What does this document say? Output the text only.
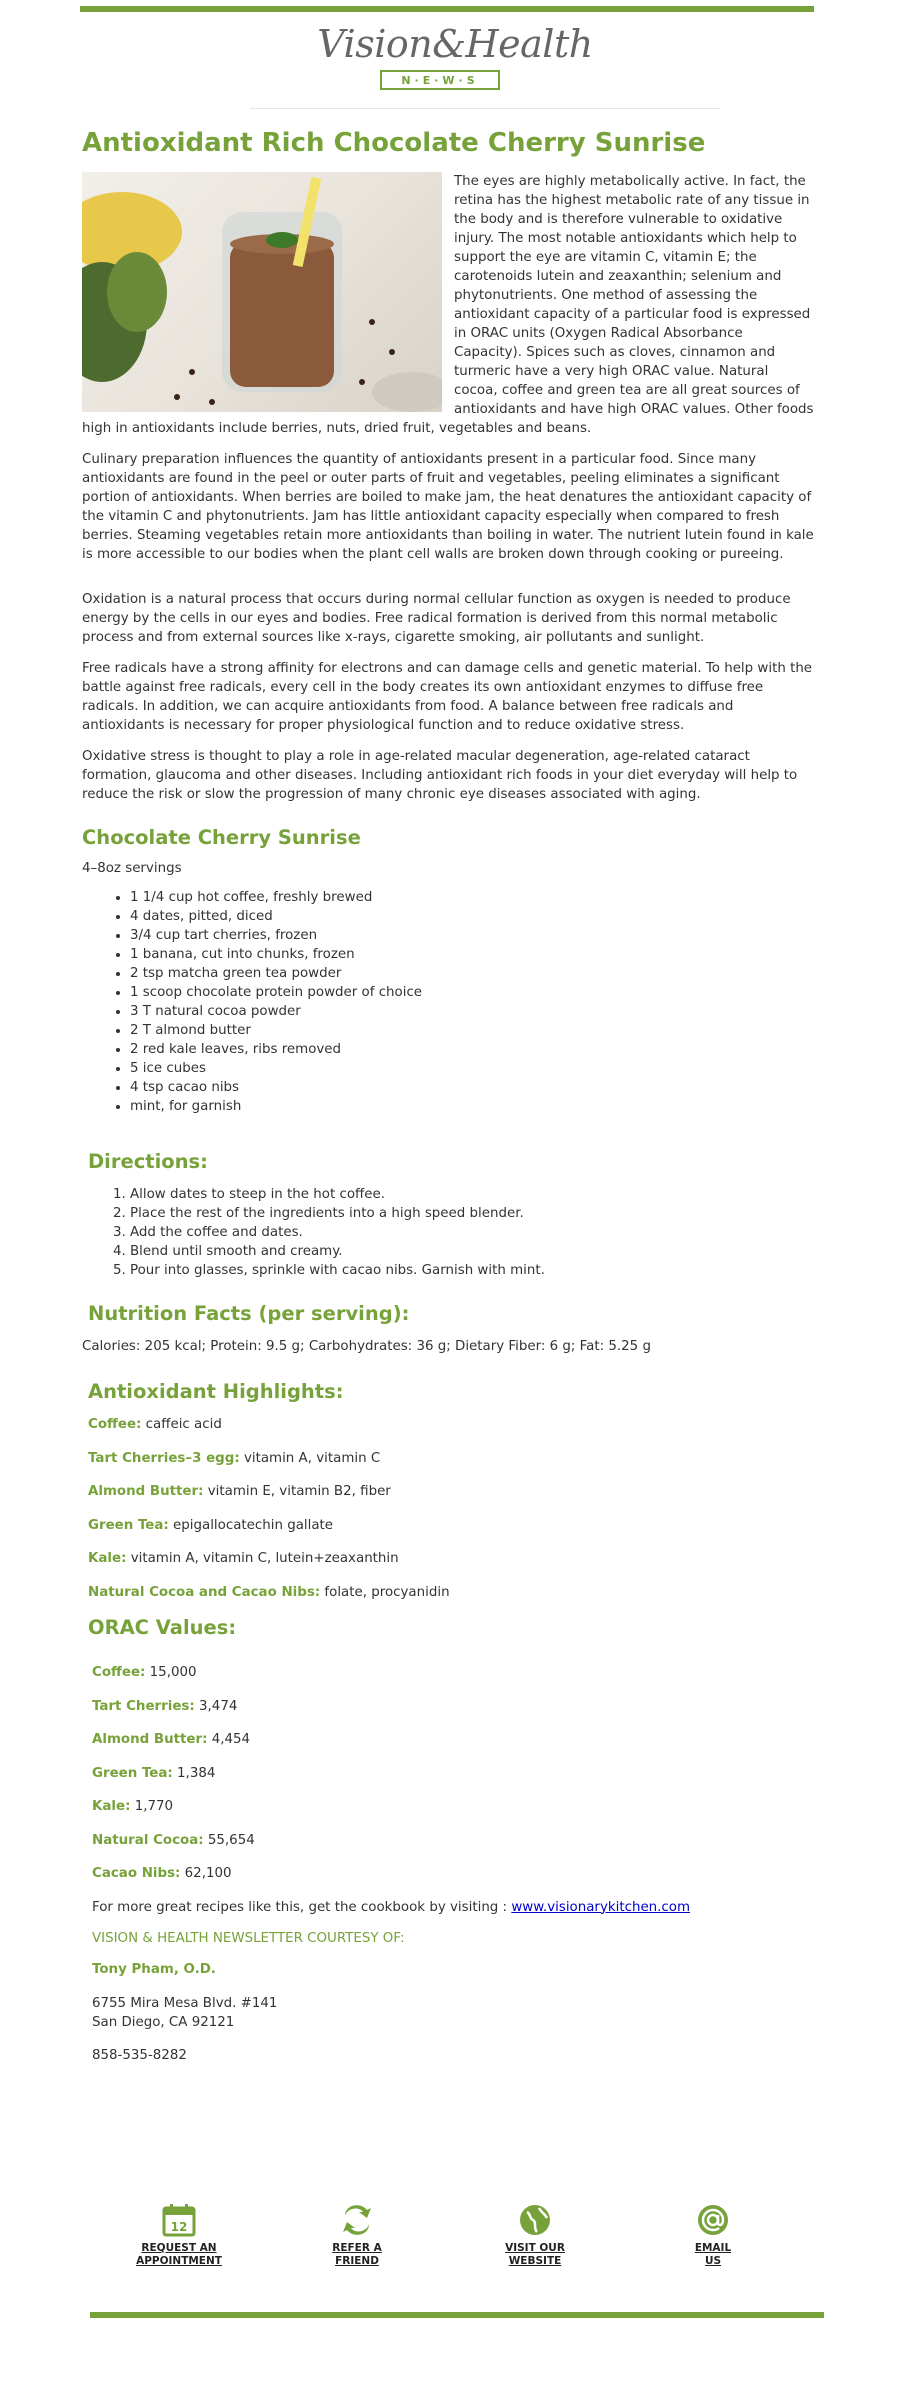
Vision&Health
N·E·W·S
Antioxidant Rich Chocolate Cherry Sunrise

The eyes are highly metabolically active. In fact, the retina has the highest metabolic rate of any tissue in the body and is therefore vulnerable to oxidative injury. The most notable antioxidants which help to support the eye are vitamin C, vitamin E; the carotenoids lutein and zeaxanthin; selenium and phytonutrients. One method of assessing the antioxidant capacity of a particular food is expressed in ORAC units (Oxygen Radical Absorbance Capacity). Spices such as cloves, cinnamon and turmeric have a very high ORAC value. Natural cocoa, coffee and green tea are all great sources of antioxidants and have high ORAC values. Other foods high in antioxidants include berries, nuts, dried fruit, vegetables and beans.

Culinary preparation influences the quantity of antioxidants present in a particular food. Since many antioxidants are found in the peel or outer parts of fruit and vegetables, peeling eliminates a significant portion of antioxidants. When berries are boiled to make jam, the heat denatures the antioxidant capacity of the vitamin C and phytonutrients. Jam has little antioxidant capacity especially when compared to fresh berries. Steaming vegetables retain more antioxidants than boiling in water. The nutrient lutein found in kale is more accessible to our bodies when the plant cell walls are broken down through cooking or pureeing.

Oxidation is a natural process that occurs during normal cellular function as oxygen is needed to produce energy by the cells in our eyes and bodies. Free radical formation is derived from this normal metabolic process and from external sources like x-rays, cigarette smoking, air pollutants and sunlight.

Free radicals have a strong affinity for electrons and can damage cells and genetic material. To help with the battle against free radicals, every cell in the body creates its own antioxidant enzymes to diffuse free radicals. In addition, we can acquire antioxidants from food. A balance between free radicals and antioxidants is necessary for proper physiological function and to reduce oxidative stress.

Oxidative stress is thought to play a role in age-related macular degeneration, age-related cataract formation, glaucoma and other diseases. Including antioxidant rich foods in your diet everyday will help to reduce the risk or slow the progression of many chronic eye diseases associated with aging.

Chocolate Cherry Sunrise
4–8oz servings
• 1 1/4 cup hot coffee, freshly brewed
• 4 dates, pitted, diced
• 3/4 cup tart cherries, frozen
• 1 banana, cut into chunks, frozen
• 2 tsp matcha green tea powder
• 1 scoop chocolate protein powder of choice
• 3 T natural cocoa powder
• 2 T almond butter
• 2 red kale leaves, ribs removed
• 5 ice cubes
• 4 tsp cacao nibs
• mint, for garnish
Directions:
1. Allow dates to steep in the hot coffee.
2. Place the rest of the ingredients into a high speed blender.
3. Add the coffee and dates.
4. Blend until smooth and creamy.
5. Pour into glasses, sprinkle with cacao nibs. Garnish with mint.
Nutrition Facts (per serving):
Calories: 205 kcal; Protein: 9.5 g; Carbohydrates: 36 g; Dietary Fiber: 6 g; Fat: 5.25 g
Antioxidant Highlights:
Coffee: caffeic acid
Tart Cherries–3 egg: vitamin A, vitamin C
Almond Butter: vitamin E, vitamin B2, fiber
Green Tea: epigallocatechin gallate
Kale: vitamin A, vitamin C, lutein+zeaxanthin
Natural Cocoa and Cacao Nibs: folate, procyanidin
ORAC Values:
Coffee: 15,000
Tart Cherries: 3,474
Almond Butter: 4,454
Green Tea: 1,384
Kale: 1,770
Natural Cocoa: 55,654
Cacao Nibs: 62,100
For more great recipes like this, get the cookbook by visiting : www.visionarykitchen.com
VISION & HEALTH NEWSLETTER COURTESY OF:
Tony Pham, O.D.
6755 Mira Mesa Blvd. #141
San Diego, CA 92121
858-535-8282
12
REQUEST AN
APPOINTMENT
REFER A
FRIEND
VISIT OUR
WEBSITE
EMAIL
US
